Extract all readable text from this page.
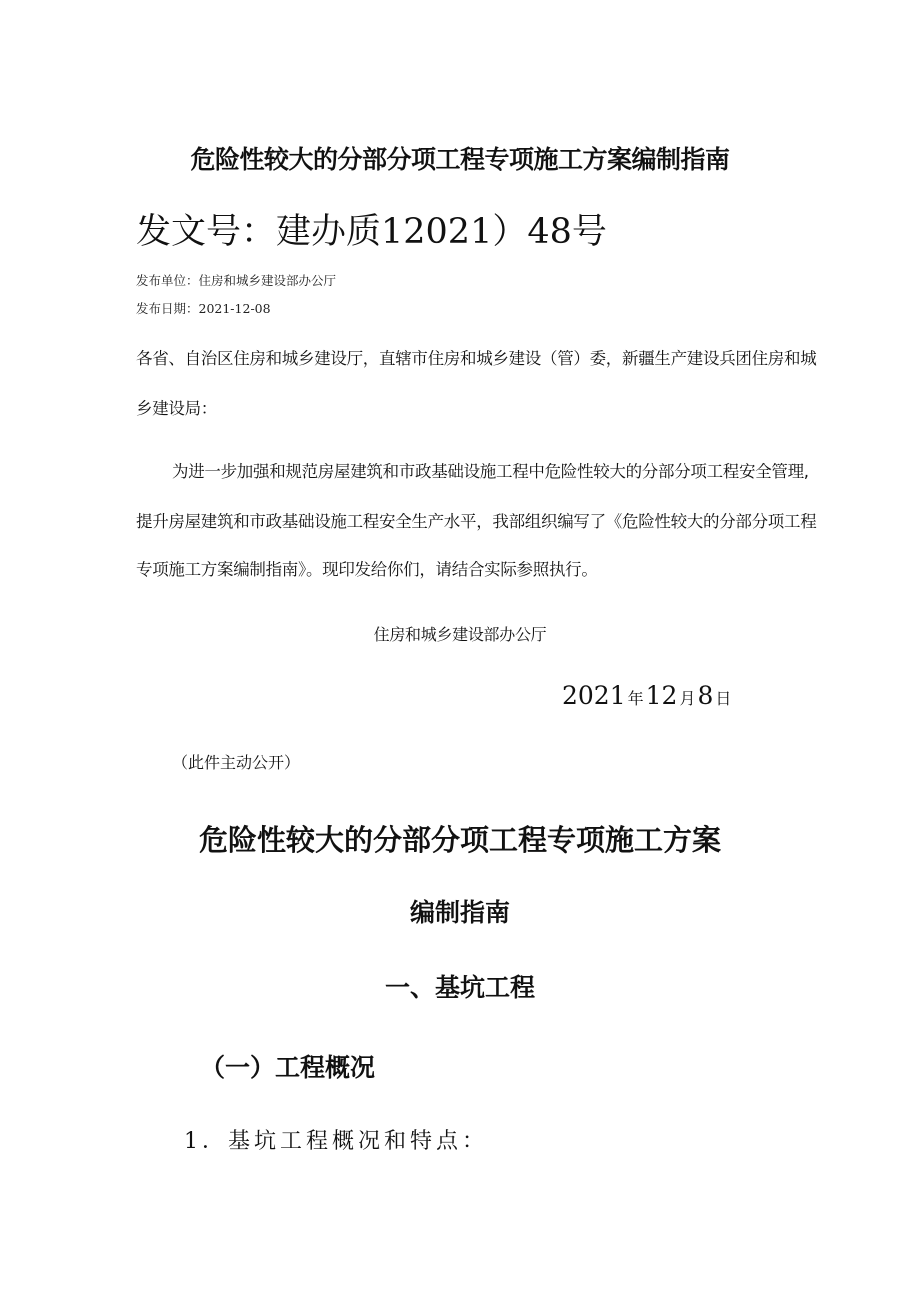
危险性较大的分部分项工程专项施工方案编制指南
发文号：建办质12021）48号
发布单位：住房和城乡建设部办公厅
发布日期：2021-12-08
各省、自治区住房和城乡建设厅，直辖市住房和城乡建设（管）委，新疆生产建设兵团住房和城
乡建设局：
为进一步加强和规范房屋建筑和市政基础设施工程中危险性较大的分部分项工程安全管理,
提升房屋建筑和市政基础设施工程安全生产水平，我部组织编写了《危险性较大的分部分项工程
专项施工方案编制指南》。现印发给你们，请结合实际参照执行。
住房和城乡建设部办公厅
2021 年 12 月 8 日
（此件主动公开）
危险性较大的分部分项工程专项施工方案
编制指南
一、基坑工程
（一）工程概况
1．基坑工程概况和特点：
